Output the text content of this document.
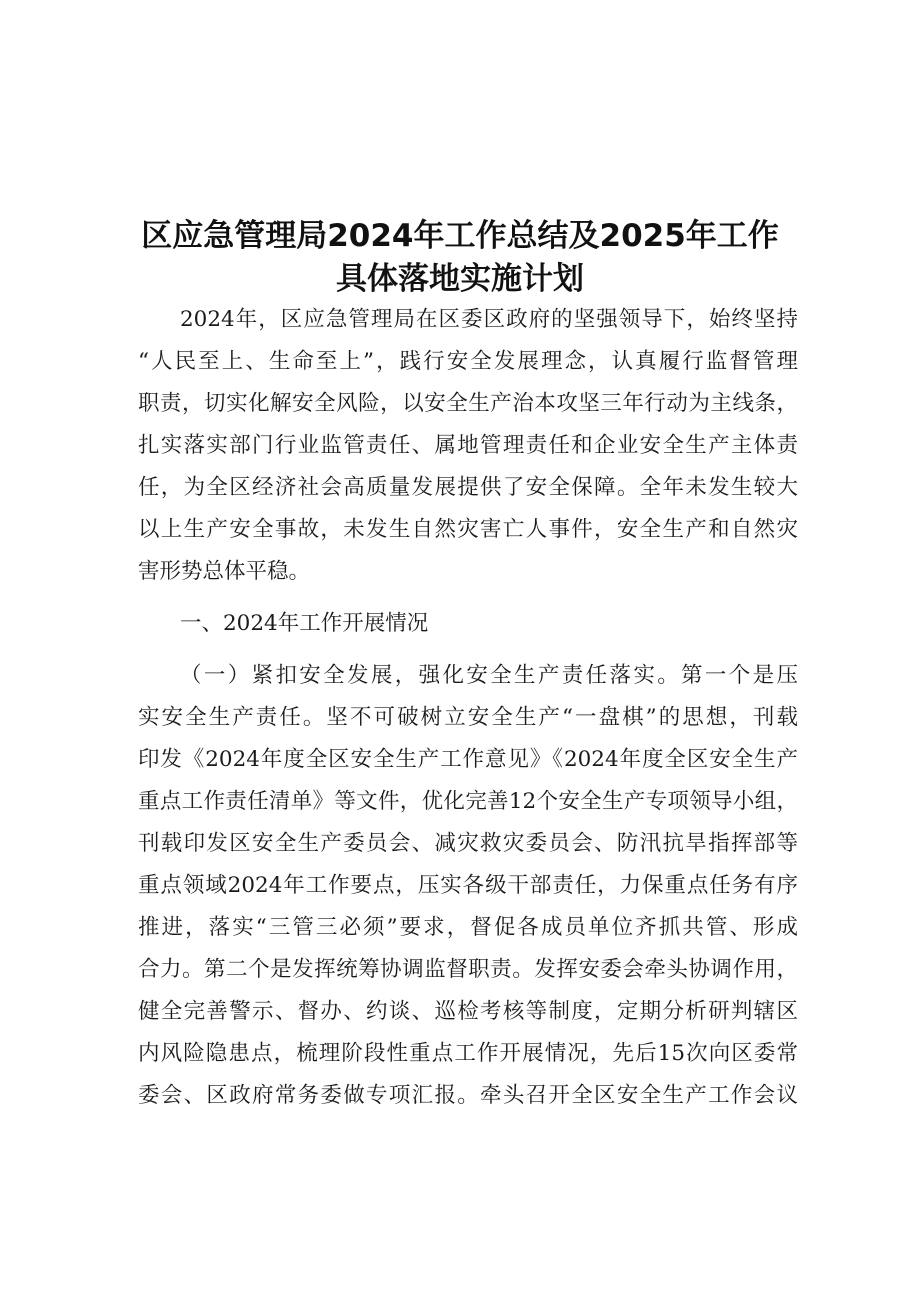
区应急管理局2024年工作总结及2025年工作
具体落地实施计划
2024年，区应急管理局在区委区政府的坚强领导下，始终坚持
“人民至上、生命至上”，践行安全发展理念，认真履行监督管理
职责，切实化解安全风险，以安全生产治本攻坚三年行动为主线条，
扎实落实部门行业监管责任、属地管理责任和企业安全生产主体责
任，为全区经济社会高质量发展提供了安全保障。全年未发生较大
以上生产安全事故，未发生自然灾害亡人事件，安全生产和自然灾
害形势总体平稳。
一、2024年工作开展情况
（一）紧扣安全发展，强化安全生产责任落实。第一个是压
实安全生产责任。坚不可破树立安全生产“一盘棋”的思想，刊载
印发《2024年度全区安全生产工作意见》《2024年度全区安全生产
重点工作责任清单》等文件，优化完善12个安全生产专项领导小组，
刊载印发区安全生产委员会、减灾救灾委员会、防汛抗旱指挥部等
重点领域2024年工作要点，压实各级干部责任，力保重点任务有序
推进，落实“三管三必须”要求，督促各成员单位齐抓共管、形成
合力。第二个是发挥统筹协调监督职责。发挥安委会牵头协调作用，
健全完善警示、督办、约谈、巡检考核等制度，定期分析研判辖区
内风险隐患点，梳理阶段性重点工作开展情况，先后15次向区委常
委会、区政府常务委做专项汇报。牵头召开全区安全生产工作会议
